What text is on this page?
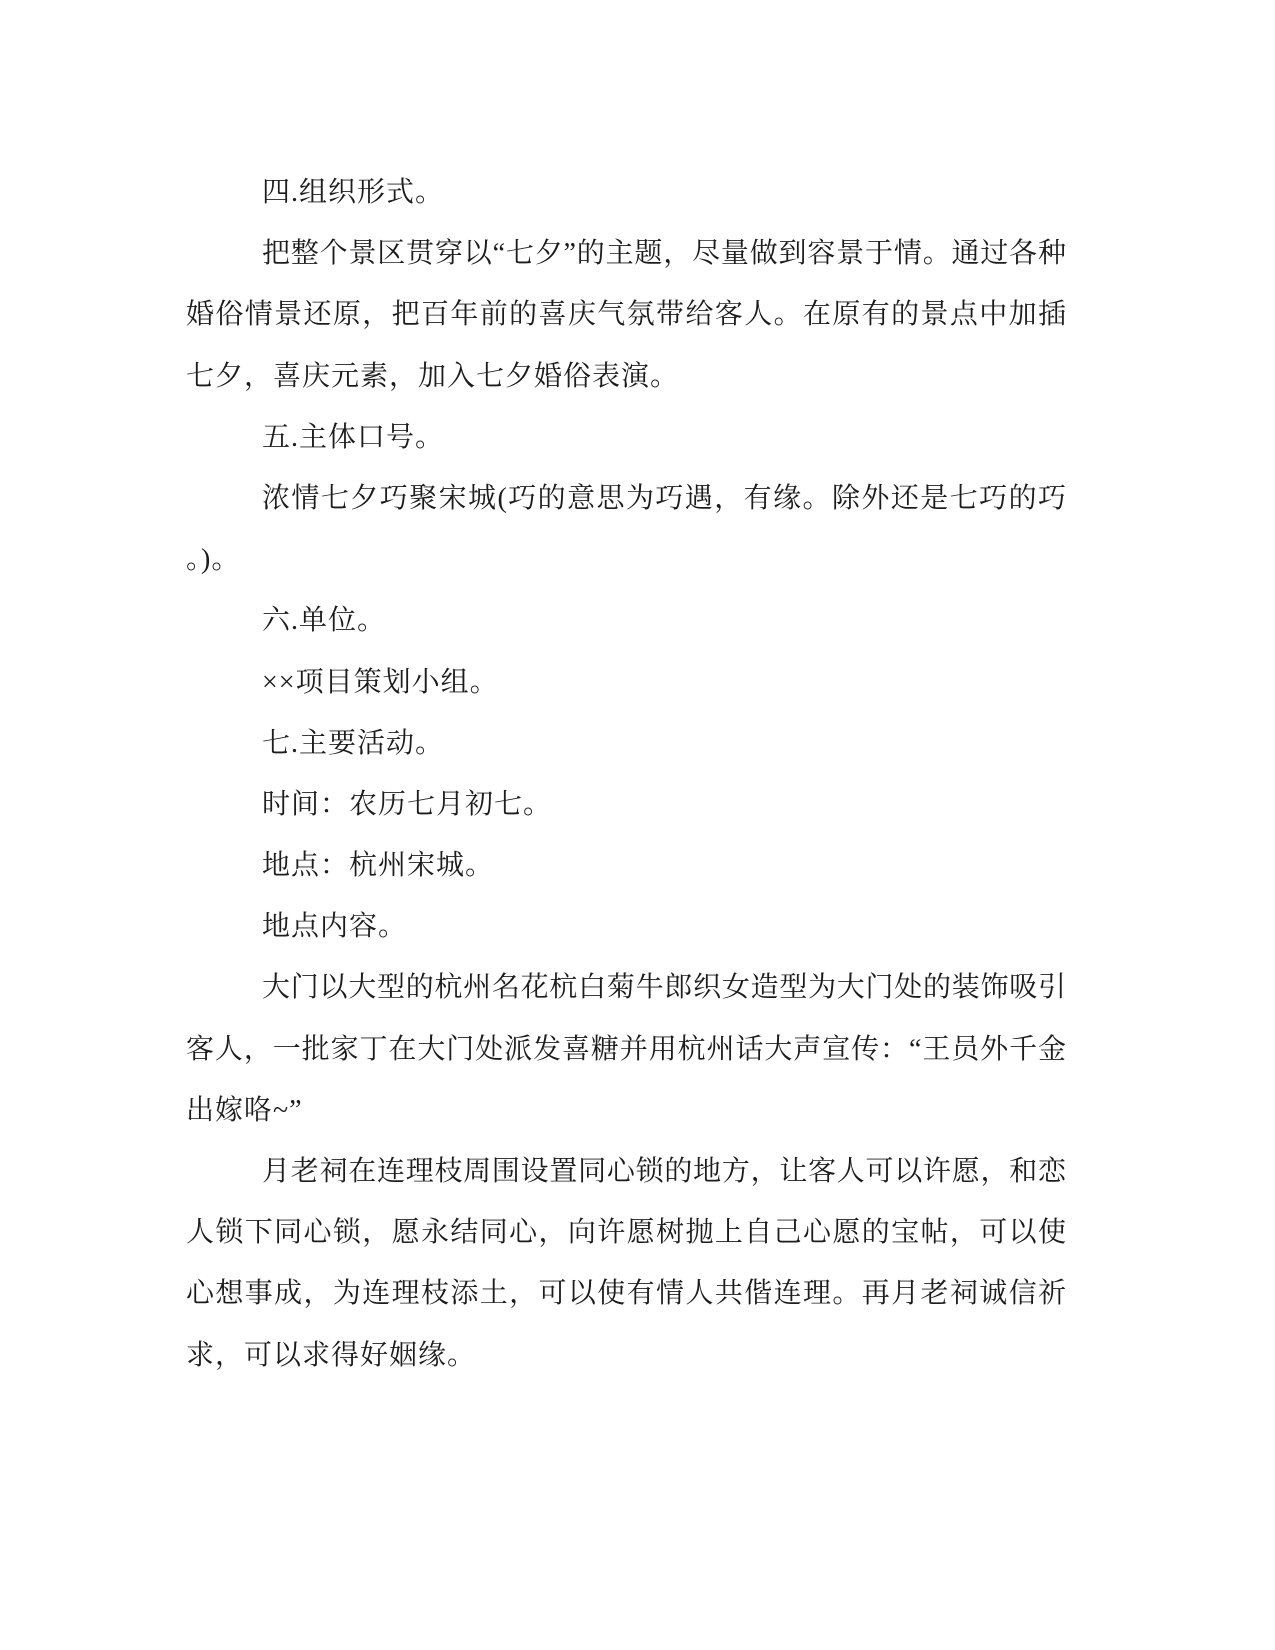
四.组织形式。
把整个景区贯穿以“七夕”的主题，尽量做到容景于情。通过各种
婚俗情景还原，把百年前的喜庆气氛带给客人。在原有的景点中加插
七夕，喜庆元素，加入七夕婚俗表演。
五.主体口号。
浓情七夕巧聚宋城(巧的意思为巧遇，有缘。除外还是七巧的巧
。)。
六.单位。
××项目策划小组。
七.主要活动。
时间：农历七月初七。
地点：杭州宋城。
地点内容。
大门以大型的杭州名花杭白菊牛郎织女造型为大门处的装饰吸引
客人，一批家丁在大门处派发喜糖并用杭州话大声宣传：“王员外千金
出嫁咯~”
月老祠在连理枝周围设置同心锁的地方，让客人可以许愿，和恋
人锁下同心锁，愿永结同心，向许愿树抛上自己心愿的宝帖，可以使
心想事成，为连理枝添土，可以使有情人共偕连理。再月老祠诚信祈
求，可以求得好姻缘。
